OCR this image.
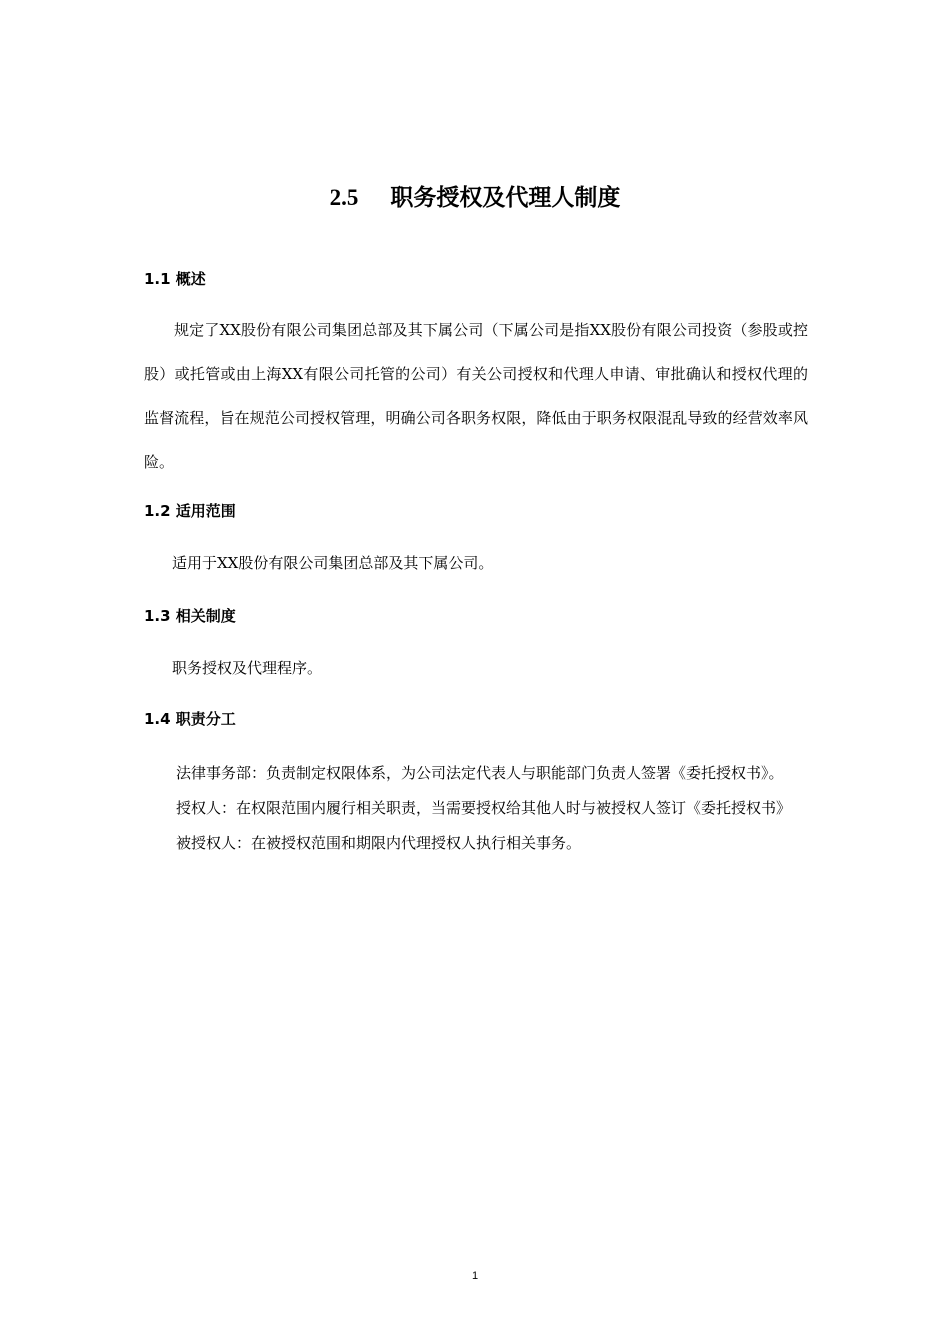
2.5 职务授权及代理人制度
1.1 概述
规定了XX股份有限公司集团总部及其下属公司（下属公司是指XX股份有限公司投资（参股或控股）或托管或由上海XX有限公司托管的公司）有关公司授权和代理人申请、审批确认和授权代理的监督流程，旨在规范公司授权管理，明确公司各职务权限，降低由于职务权限混乱导致的经营效率风险。
1.2 适用范围
适用于XX股份有限公司集团总部及其下属公司。
1.3 相关制度
职务授权及代理程序。
1.4 职责分工
法律事务部：负责制定权限体系，为公司法定代表人与职能部门负责人签署《委托授权书》。
授权人：在权限范围内履行相关职责，当需要授权给其他人时与被授权人签订《委托授权书》
被授权人：在被授权范围和期限内代理授权人执行相关事务。
1
